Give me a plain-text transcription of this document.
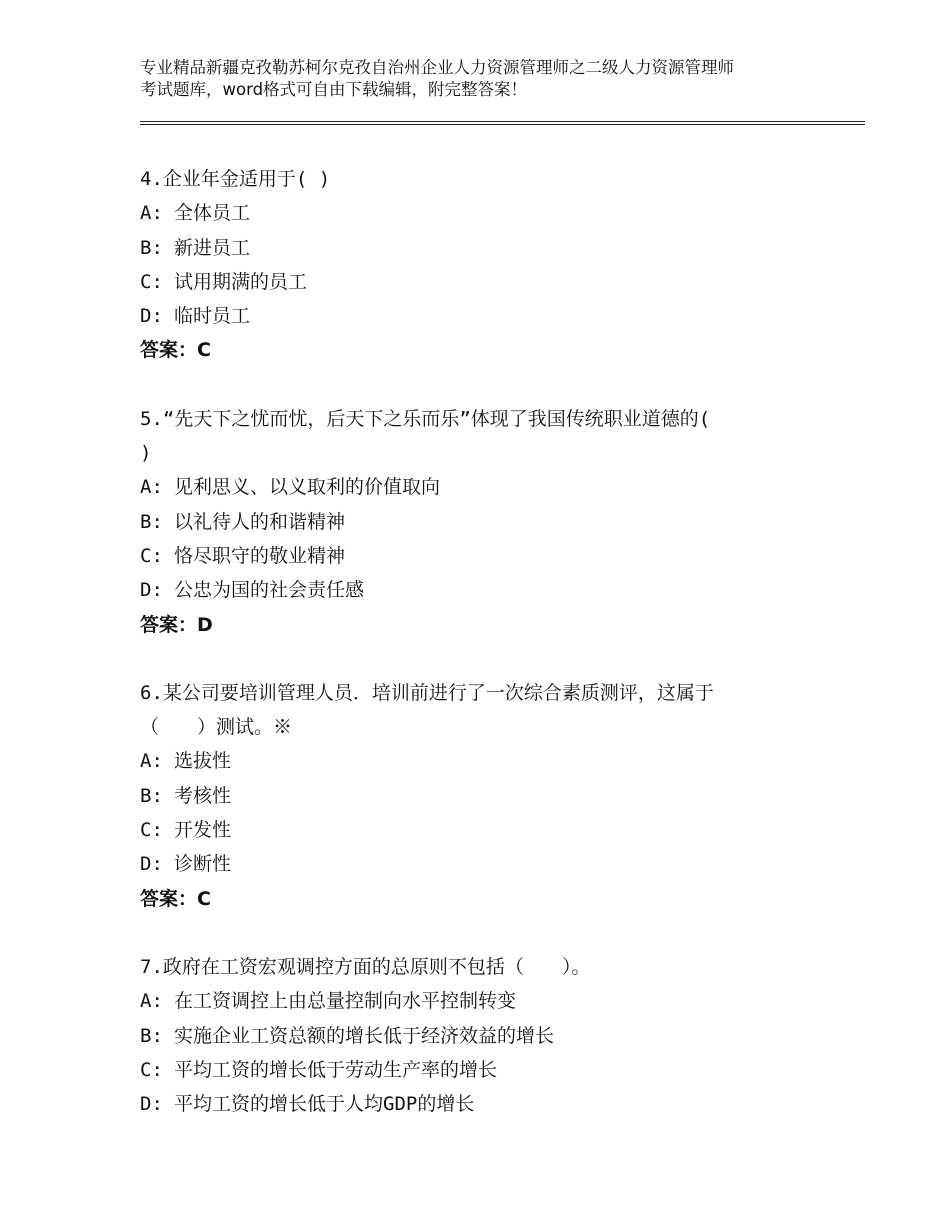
专业精品新疆克孜勒苏柯尔克孜自治州企业人力资源管理师之二级人力资源管理师
考试题库，word格式可自由下载编辑，附完整答案！
4.企业年金适用于( )
A: 全体员工
B: 新进员工
C: 试用期满的员工
D: 临时员工
答案：C
5.“先天下之忧而忧，后天下之乐而乐”体现了我国传统职业道德的(
)
A: 见利思义、以义取利的价值取向
B: 以礼待人的和谐精神
C: 恪尽职守的敬业精神
D: 公忠为国的社会责任感
答案：D
6.某公司要培训管理人员．培训前进行了一次综合素质测评，这属于
（　　）测试。※
A: 选拔性
B: 考核性
C: 开发性
D: 诊断性
答案：C
7.政府在工资宏观调控方面的总原则不包括（　　）。
A: 在工资调控上由总量控制向水平控制转变
B: 实施企业工资总额的增长低于经济效益的增长
C: 平均工资的增长低于劳动生产率的增长
D: 平均工资的增长低于人均GDP的增长
